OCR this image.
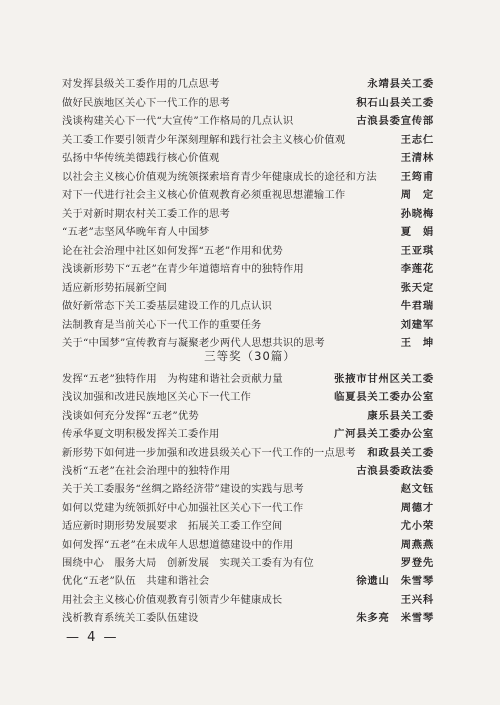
对发挥县级关工委作用的几点思考	永靖县关工委
做好民族地区关心下一代工作的思考	积石山县关工委
浅谈构建关心下一代“大宣传”工作格局的几点认识	古浪县委宣传部
关工委工作要引领青少年深刻理解和践行社会主义核心价值观	王志仁
弘扬中华传统美德践行核心价值观	王清林
以社会主义核心价值观为统领探索培育青少年健康成长的途径和方法	王筠甫
对下一代进行社会主义核心价值观教育必须重视思想灌输工作	周　定
关于对新时期农村关工委工作的思考	孙晓梅
“五老”志坚风华晚年育人中国梦	夏　娟
论在社会治理中社区如何发挥“五老”作用和优势	王亚琪
浅谈新形势下“五老”在青少年道德培育中的独特作用	李莲花
适应新形势拓展新空间	张天定
做好新常态下关工委基层建设工作的几点认识	牛君瑞
法制教育是当前关心下一代工作的重要任务	刘建军
关于“中国梦”宣传教育与凝聚老少两代人思想共识的思考	王　坤
三等奖（30篇）
发挥“五老”独特作用　为构建和谐社会贡献力量	张掖市甘州区关工委
浅议加强和改进民族地区关心下一代工作	临夏县关工委办公室
浅谈如何充分发挥“五老”优势	康乐县关工委
传承华夏文明积极发挥关工委作用	广河县关工委办公室
新形势下如何进一步加强和改进县级关心下一代工作的一点思考	和政县关工委
浅析“五老”在社会治理中的独特作用	古浪县委政法委
关于关工委服务“丝绸之路经济带”建设的实践与思考	赵文钰
如何以党建为统领抓好中心加强社区关心下一代工作	周德才
适应新时期形势发展要求　拓展关工委工作空间	尤小荣
如何发挥“五老”在未成年人思想道德建设中的作用	周燕燕
围绕中心　服务大局　创新发展　实现关工委有为有位	罗登先
优化“五老”队伍　共建和谐社会	徐遗山　朱雪琴
用社会主义核心价值观教育引领青少年健康成长	王兴科
浅析教育系统关工委队伍建设	朱多亮　米雪琴
— 4 —
